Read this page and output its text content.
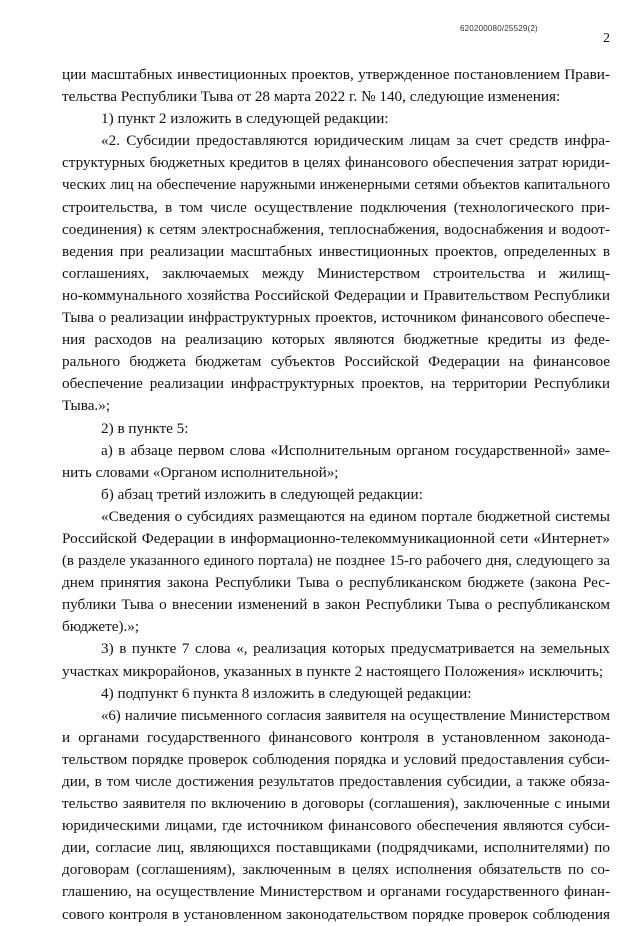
620200080/25529(2)
2
ции масштабных инвестиционных проектов, утвержденное постановлением Прави-
тельства Республики Тыва от 28 марта 2022 г. № 140, следующие изменения:
1) пункт 2 изложить в следующей редакции:
«2. Субсидии предоставляются юридическим лицам за счет средств инфра-
структурных бюджетных кредитов в целях финансового обеспечения затрат юриди-
ческих лиц на обеспечение наружными инженерными сетями объектов капитального
строительства, в том числе осуществление подключения (технологического при-
соединения) к сетям электроснабжения, теплоснабжения, водоснабжения и водоот-
ведения при реализации масштабных инвестиционных проектов, определенных в
соглашениях, заключаемых между Министерством строительства и жилищ-
но-коммунального хозяйства Российской Федерации и Правительством Республики
Тыва о реализации инфраструктурных проектов, источником финансового обеспече-
ния расходов на реализацию которых являются бюджетные кредиты из феде-
рального бюджета бюджетам субъектов Российской Федерации на финансовое
обеспечение реализации инфраструктурных проектов, на территории Республики
Тыва.»;
2) в пункте 5:
а) в абзаце первом слова «Исполнительным органом государственной» заме-
нить словами «Органом исполнительной»;
б) абзац третий изложить в следующей редакции:
«Сведения о субсидиях размещаются на едином портале бюджетной системы
Российской Федерации в информационно-телекоммуникационной сети «Интернет»
(в разделе указанного единого портала) не позднее 15-го рабочего дня, следующего за
днем принятия закона Республики Тыва о республиканском бюджете (закона Рес-
публики Тыва о внесении изменений в закон Республики Тыва о республиканском
бюджете).»;
3) в пункте 7 слова «, реализация которых предусматривается на земельных
участках микрорайонов, указанных в пункте 2 настоящего Положения» исключить;
4) подпункт 6 пункта 8 изложить в следующей редакции:
«6) наличие письменного согласия заявителя на осуществление Министерством
и органами государственного финансового контроля в установленном законода-
тельством порядке проверок соблюдения порядка и условий предоставления субси-
дии, в том числе достижения результатов предоставления субсидии, а также обяза-
тельство заявителя по включению в договоры (соглашения), заключенные с иными
юридическими лицами, где источником финансового обеспечения являются субси-
дии, согласие лиц, являющихся поставщиками (подрядчиками, исполнителями) по
договорам (соглашениям), заключенным в целях исполнения обязательств по со-
глашению, на осуществление Министерством и органами государственного финан-
сового контроля в установленном законодательством порядке проверок соблюдения
